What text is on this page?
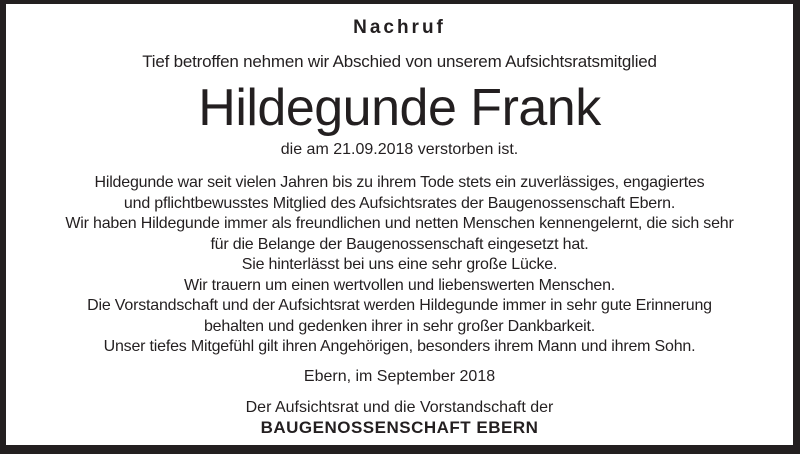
Nachruf
Tief betroffen nehmen wir Abschied von unserem Aufsichtsratsmitglied
Hildegunde Frank
die am 21.09.2018 verstorben ist.
Hildegunde war seit vielen Jahren bis zu ihrem Tode stets ein zuverlässiges, engagiertes
und pflichtbewusstes Mitglied des Aufsichtsrates der Baugenossenschaft Ebern.
Wir haben Hildegunde immer als freundlichen und netten Menschen kennengelernt, die sich sehr
für die Belange der Baugenossenschaft eingesetzt hat.
Sie hinterlässt bei uns eine sehr große Lücke.
Wir trauern um einen wertvollen und liebenswerten Menschen.
Die Vorstandschaft und der Aufsichtsrat werden Hildegunde immer in sehr gute Erinnerung
behalten und gedenken ihrer in sehr großer Dankbarkeit.
Unser tiefes Mitgefühl gilt ihren Angehörigen, besonders ihrem Mann und ihrem Sohn.
Ebern, im September 2018
Der Aufsichtsrat und die Vorstandschaft der
BAUGENOSSENSCHAFT EBERN
